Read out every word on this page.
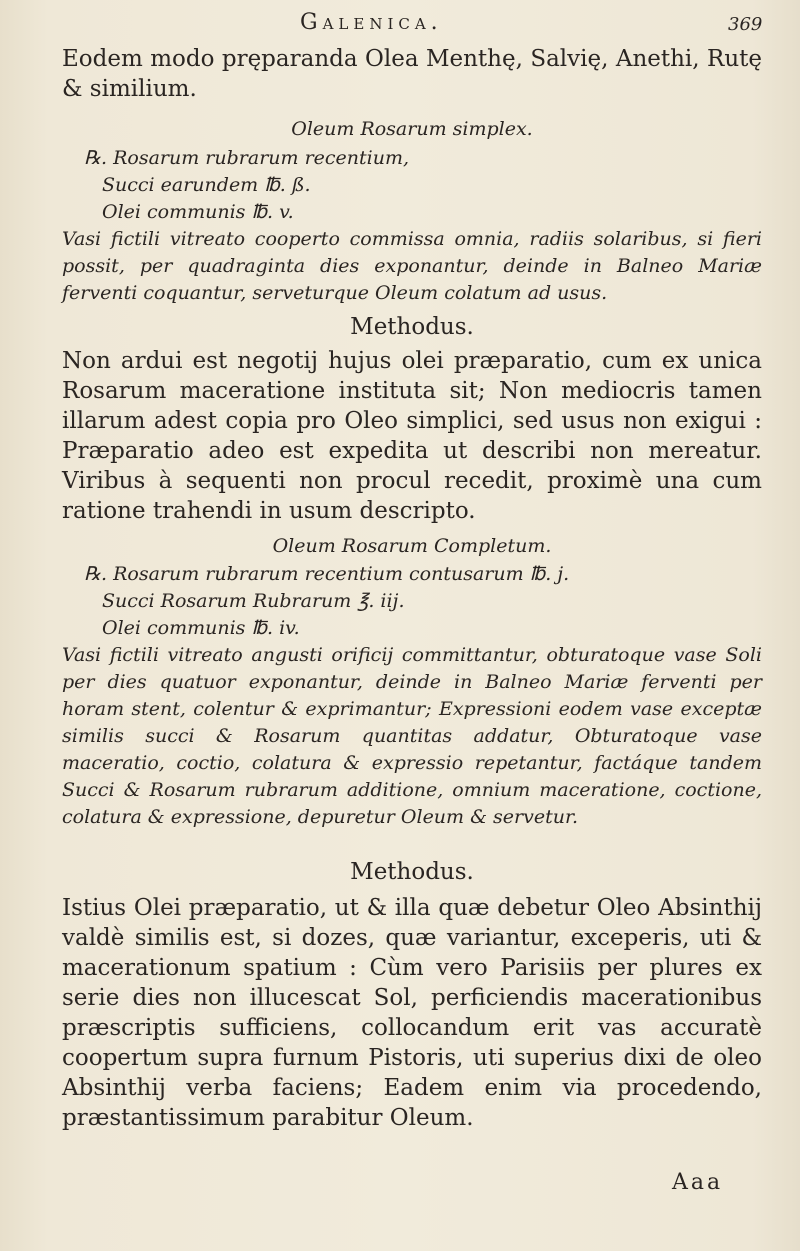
Galenica.	369
Eodem modo pręparanda Olea Menthę, Salvię, Anethi, Rutę & similium.
Oleum Rosarum simplex.
℞. Rosarum rubrarum recentium,
Succi earundem ℔. ß.
Olei communis ℔. v.
Vasi fictili vitreato cooperto commissa omnia, radiis solaribus, si fieri possit, per quadraginta dies exponantur, deinde in Balneo Mariæ ferventi coquantur, serveturque Oleum colatum ad usus.
Methodus.
Non ardui est negotij hujus olei præparatio, cum ex unica Rosarum maceratione instituta sit; Non mediocris tamen illarum adest copia pro Oleo simplici, sed usus non exigui : Præparatio adeo est expedita ut describi non mereatur. Viribus à sequenti non procul recedit, proximè una cum ratione trahendi in usum descripto.
Oleum Rosarum Completum.
℞. Rosarum rubrarum recentium contusarum ℔. j.
Succi Rosarum Rubrarum ℥. iij.
Olei communis ℔. iv.
Vasi fictili vitreato angusti orificij committantur, obturatoque vase Soli per dies quatuor exponantur, deinde in Balneo Mariæ ferventi per horam stent, colentur & exprimantur; Expressioni eodem vase exceptæ similis succi & Rosarum quantitas addatur, Obturatoque vase maceratio, coctio, colatura & expressio repetantur, factáque tandem Succi & Rosarum rubrarum additione, omnium maceratione, coctione, colatura & expressione, depuretur Oleum & servetur.
Methodus.
Istius Olei præparatio, ut & illa quæ debetur Oleo Absinthij valdè similis est, si dozes, quæ variantur, exceperis, uti & macerationum spatium : Cùm vero Parisiis per plures ex serie dies non illucescat Sol, perficiendis macerationibus præscriptis sufficiens, collocandum erit vas accuratè coopertum supra furnum Pistoris, uti superius dixi de oleo Absinthij verba faciens; Eadem enim via procedendo, præstantissimum parabitur Oleum.
Aaa
